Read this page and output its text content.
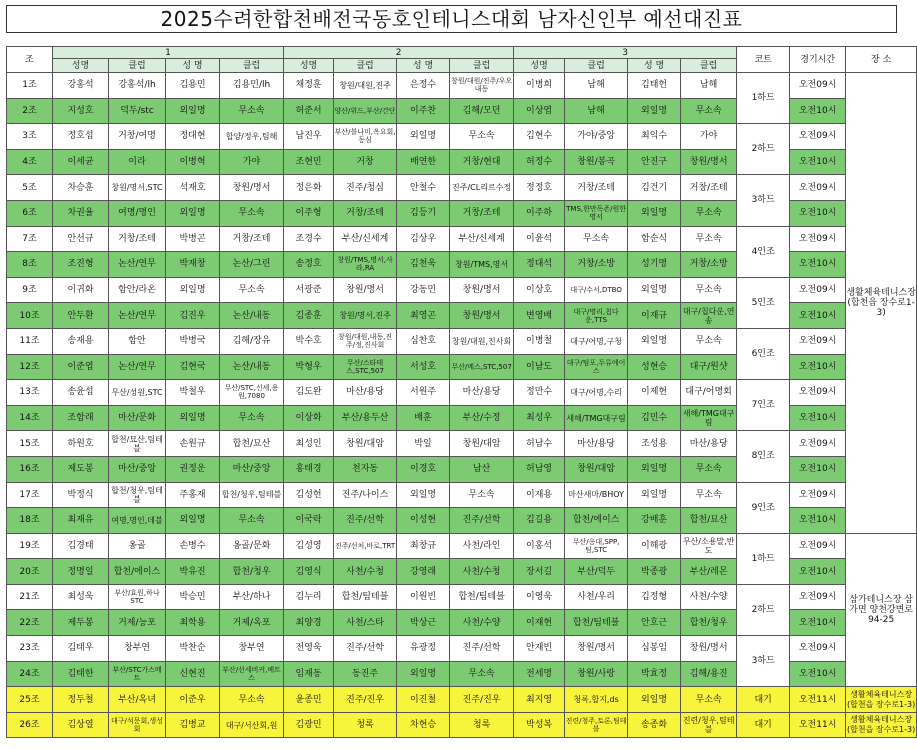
2025수려한합천배전국동호인테니스대회 남자신인부 예선대진표
조	1				2				3				코트	경기시간	장 소
	성명	클럽	성 명	클럽	성명	클럽	성 명	클럽	성명	클럽	성 명	클럽			
1조	강홍석	강홍석/lh	김용민	김용민/lh	채정훈	창원/대원,진주	은정수	창원/대원/진주/우오내동	이병희	남해	김태헌	남해	1하드	오전09시	생활체육테니스장(합천읍 장수로1-3)
2조	지성호	덕두/stc	외일명	무소속	허준서	양산/위드,부산/간단	이주찬	김해/모던	이상엽	남해	외일명	무소속		오전10시	
3조	정호섭	거창/여명	정대현	합양/정우,팀해	남진우	부산/블나미,옥요회,동심	외일명	무소속	김현수	가야/중앙	최익수	가야	2하드	오전09시	
4조	이세균	이라	이병혁	가야	조현민	거창	배연한	거창/현대	허정수	창원/봉곡	안진구	창원/명서		오전10시	
5조	차승훈	창원/명서,STC	석재호	창원/명서	정은화	진주/청심	안철수	진주/CL리르수정	정정호	거창/조테	김건기	거창/조테	3하드	오전09시	
6조	차권율	여명/명인	외일명	무소속	이주형	거창/조테	김등기	거창/조테	이주하	TMS,한만독존/원한명서	외일명	무소속		오전10시	
7조	안선규	거창/조테	박병곤	거창/조테	조경수	부산/신세계	김상우	부산/신세계	이윤석	무소속	함순식	무소속	4인조	오전09시	
8조	조진형	논산/연무	박재창	논산/그린	송정호	창원/TMS,명서,사라,RA	김천욱	창원/TMS,명서	정대석	거창/소방	성기명	거창/소방		오전10시	
9조	이귀화	함안/라온	외일명	무소속	서광준	창원/명서	강동민	창원/명서	이상호	대구/수서,DTBO	외일명	무소속	5인조	오전09시	
10조	안두환	논산/연무	김진우	논산/내동	김종훈	창원/명서,진주	최영곤	창원/명서	변영배	대구/명리,칩다운,TTS	이재규	대구/칩다운,연송		오전10시	
11조	송재용	함안	박병국	김해/장유	박수호	창원/대원,내동,진주/정,진사회	심찬호	창원/대원,진사회	이병철	대구/어명,구청	외일명	무소속	6인조	오전09시	
12조	이준엽	논산/연무	김현국	논산/내동	박형우	무산/스타테스,STC,507	서성호	무산/메스,STC,507	이남도	대구/팀포,두류에이스	성현승	대구/원샷		오전10시	
13조	송윤섭	무산/성원,STC	박철우	무산/STC,신세,용원,7080	김도완	마산/용당	서원주	마산/용당	정만수	대구/어명,수리	이제현	대구/어명회	7인조	오전09시	
14조	조함래	마산/문화	외일명	무소속	이상화	부산/용두산	배훈	부산/수정	최성우	새해/TMG대구림	김민수	새해/TMG대구림		오전10시	
15조	하원호	합천/묘산,팀테블	손원규	합천/묘산	최성인	창원/대암	박일	창원/대암	허남수	마산/용당	조성용	마산/용당	8인조	오전09시	
16조	제도봉	마산/중앙	권정운	마산/중앙	홍태경	천자동	이경호	남산	허남영	창원/대암	외일명	무소속		오전10시	
17조	박정식	합천/청우,팀테블	주홍재	합천/청우,팀테블	김성헌	진주/나이스	외일명	무소속	이재용	마산새마/BHOY	외일명	무소속	9인조	오전09시	
18조	최재유	여명,명인,데블	외일명	무소속	이국락	진주/선학	이성현	진주/선학	김길용	합천/에이스	강배훈	합천/묘산		오전10시	
19조	김경태	옹골	손병수	옹골/문화	김성영	진주/선처,바로,TRT	최창규	사천/라인	이홍석	무산/옹대,SPP,팀,STC	이해광	무산/소용말,반도	1하드	오전09시	삼가테니스장 삼가면 양천강변로 94-25
20조	정명일	합천/에이스	박유진	합천/청우	김영식	사천/수청	강영래	사천/수청	장서길	부산/덕두	박종광	부산/레몬		오전10시	
21조	최성욱	부산/효원,하나STC	박승민	부산/하나	김누리	합천/팀테블	이원빈	합천/팀테블	이영욱	사천/우리	김정형	사천/수양	2하드	오전09시	
22조	제두봉	거제/능포	최학용	거제/옥포	최양경	사천/스타	박상근	사천/수양	이재현	합천/팀테블	안호근	합천/청우		오전10시	
23조	김태우	창부연	박찬순	창부연	전영욱	진주/선학	유광정	진주/선학	안재빈	창원/명서	심봉임	창원/명서	3하드	오전09시	
24조	김태한	부산/STC가스메트	신현진	부산/선세비커,베트스	임재동	동진주	외일명	무소속	전세명	창원/사랑	박효정	김해/용진		오전10시	
25조	정두철	부산/옥녀	이준우	무소속	윤종민	진주/진우	이진철	진주/진우	최지영	청록,합지,ds	외일명	무소속	대기	오전11시	생활체육테니스장(합천읍 장수로1-3)
26조	김상열	대구/석문회,생성회	김병교	대구/서산회,원	김광민	청록	차현승	청록	박성복	진련/청주,토론,팀테블	송종화	진련/청우,팀테블	대기	오전11시	생활체육테니스장(합천읍 장수로1-3)
